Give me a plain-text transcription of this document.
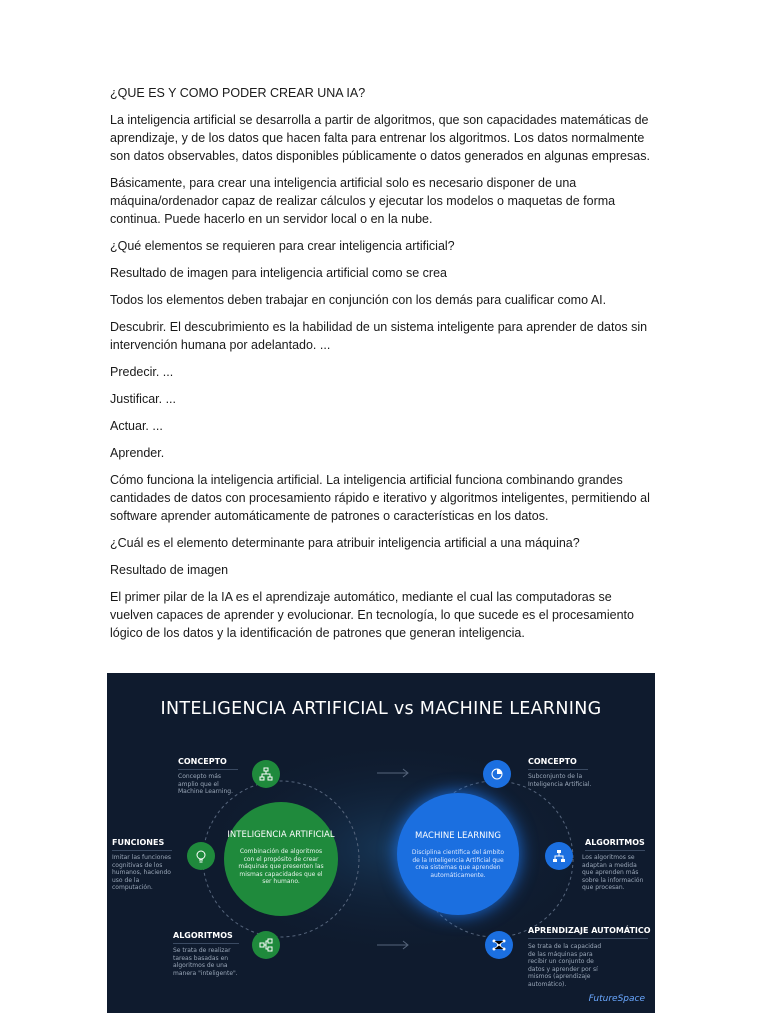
¿QUE ES Y COMO PODER CREAR UNA IA?

La inteligencia artificial se desarrolla a partir de algoritmos, que son capacidades matemáticas de aprendizaje, y de los datos que hacen falta para entrenar los algoritmos. Los datos normalmente son datos observables, datos disponibles públicamente o datos generados en algunas empresas.

Básicamente, para crear una inteligencia artificial solo es necesario disponer de una máquina/ordenador capaz de realizar cálculos y ejecutar los modelos o maquetas de forma continua. Puede hacerlo en un servidor local o en la nube.

¿Qué elementos se requieren para crear inteligencia artificial?

Resultado de imagen para inteligencia artificial como se crea

Todos los elementos deben trabajar en conjunción con los demás para cualificar como AI.

Descubrir. El descubrimiento es la habilidad de un sistema inteligente para aprender de datos sin intervención humana por adelantado. ...

Predecir. ...

Justificar. ...

Actuar. ...

Aprender.

Cómo funciona la inteligencia artificial. La inteligencia artificial funciona combinando grandes cantidades de datos con procesamiento rápido e iterativo y algoritmos inteligentes, permitiendo al software aprender automáticamente de patrones o características en los datos.

¿Cuál es el elemento determinante para atribuir inteligencia artificial a una máquina?

Resultado de imagen

El primer pilar de la IA es el aprendizaje automático, mediante el cual las computadoras se vuelven capaces de aprender y evolucionar. En tecnología, lo que sucede es el procesamiento lógico de los datos y la identificación de patrones que generan inteligencia.

INTELIGENCIA ARTIFICIAL vs MACHINE LEARNING
CONCEPTO
Concepto más amplio que el Machine Learning.
FUNCIONES
Imitar las funciones cognitivas de los humanos, haciendo uso de la computación.
ALGORITMOS
Se trata de realizar tareas basadas en algoritmos de una manera "inteligente".
CONCEPTO
Subconjunto de la Inteligencia Artificial.
ALGORITMOS
Los algoritmos se adaptan a medida que aprenden más sobre la información que procesan.
APRENDIZAJE AUTOMÁTICO
Se trata de la capacidad de las máquinas para recibir un conjunto de datos y aprender por sí mismos (aprendizaje automático).
INTELIGENCIA ARTIFICIAL
Combinación de algoritmos con el propósito de crear máquinas que presenten las mismas capacidades que el ser humano.
MACHINE LEARNING
Disciplina científica del ámbito de la Inteligencia Artificial que crea sistemas que aprenden automáticamente.
FutureSpace
